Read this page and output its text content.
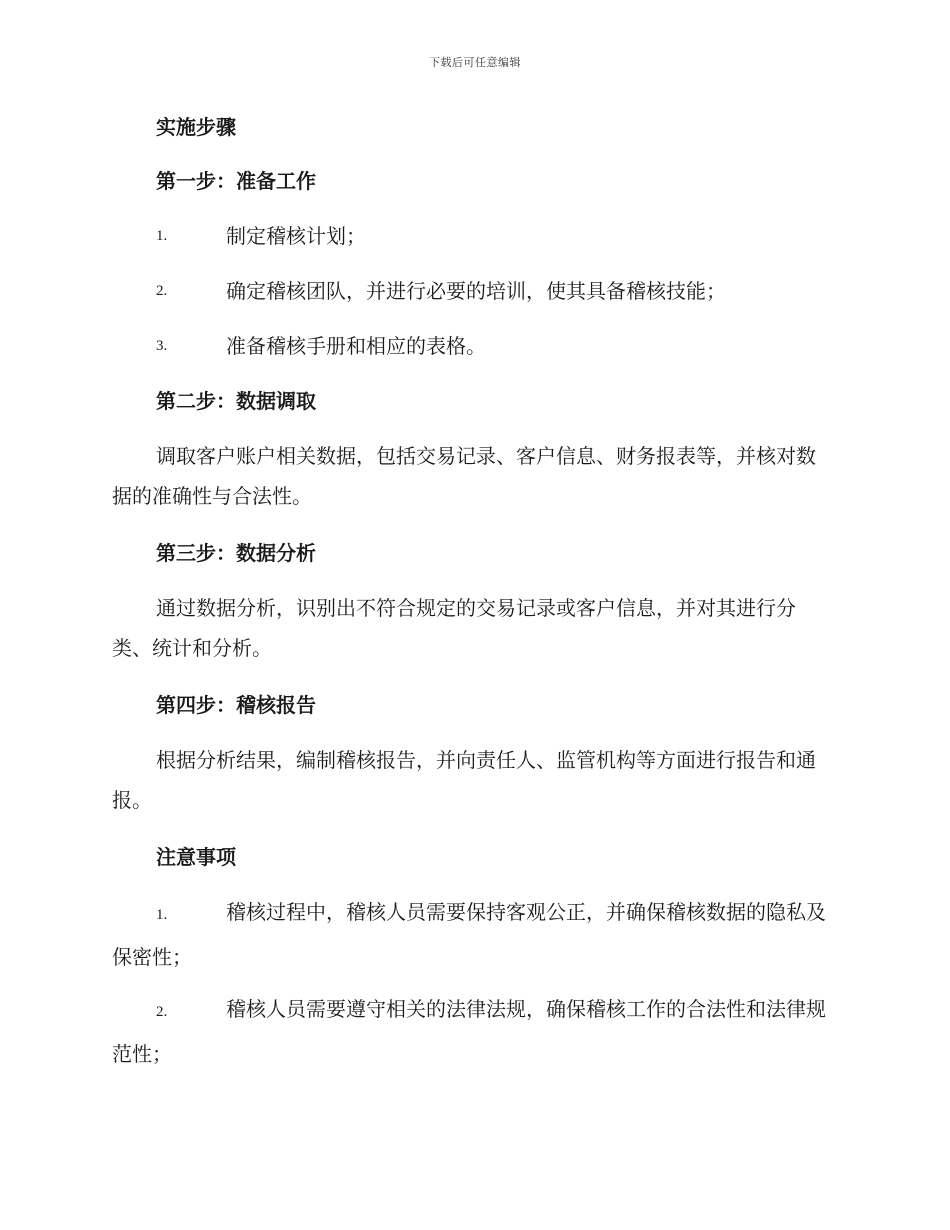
下载后可任意编辑
实施步骤
第一步：准备工作
1.	制定稽核计划；
2.	确定稽核团队，并进行必要的培训，使其具备稽核技能；
3.	准备稽核手册和相应的表格。
第二步：数据调取

调取客户账户相关数据，包括交易记录、客户信息、财务报表等，并核对数据的准确性与合法性。

第三步：数据分析

通过数据分析，识别出不符合规定的交易记录或客户信息，并对其进行分类、统计和分析。

第四步：稽核报告

根据分析结果，编制稽核报告，并向责任人、监管机构等方面进行报告和通报。

注意事项
1.	稽核过程中，稽核人员需要保持客观公正，并确保稽核数据的隐私及保密性；
2.	稽核人员需要遵守相关的法律法规，确保稽核工作的合法性和法律规范性；
